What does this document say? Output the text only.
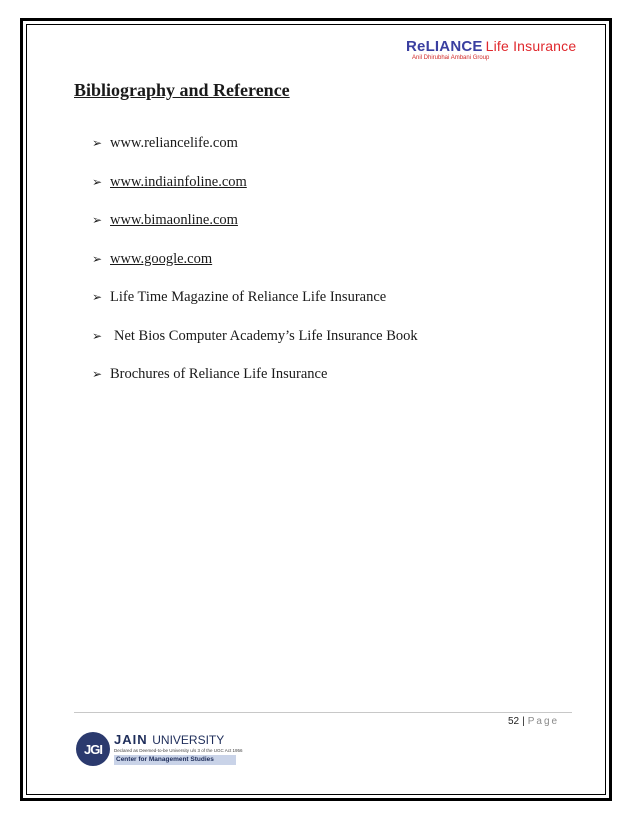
ReLIANCE Life Insurance
Anil Dhirubhai Ambani Group
Bibliography and Reference
➢ www.reliancelife.com
➢ www.indiainfoline.com
➢ www.bimaonline.com
➢ www.google.com
➢ Life Time Magazine of Reliance Life Insurance
➢ Net Bios Computer Academy’s Life Insurance Book
➢ Brochures of Reliance Life Insurance
52 | Page
JGI
JAIN UNIVERSITY
Declared as Deemed-to-be University u/s 3 of the UGC Act 1956
Center for Management Studies
